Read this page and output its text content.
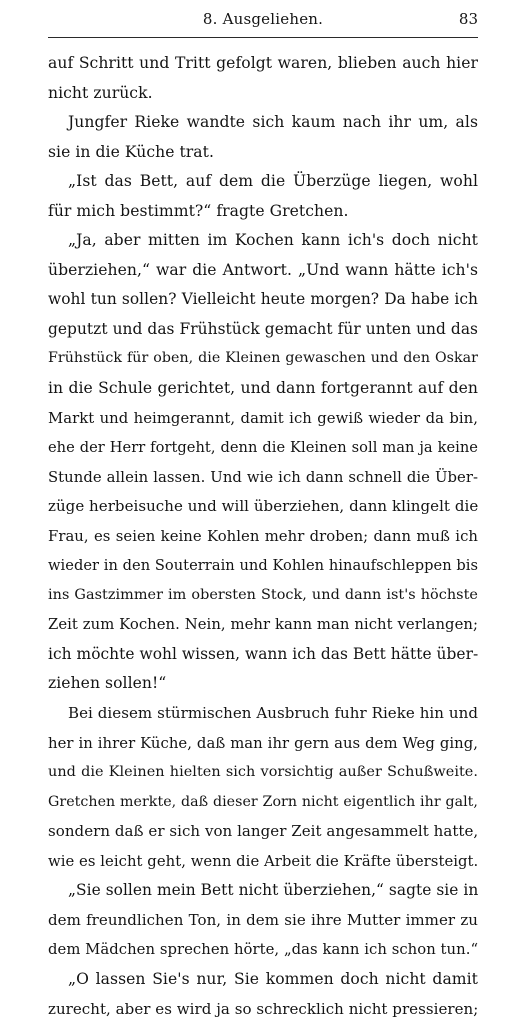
8. Ausgeliehen.	83
auf Schritt und Tritt gefolgt waren, blieben auch hier
nicht zurück.
Jungfer Rieke wandte sich kaum nach ihr um, als
sie in die Küche trat.
„Ist das Bett, auf dem die Überzüge liegen, wohl
für mich bestimmt?“ fragte Gretchen.
„Ja, aber mitten im Kochen kann ich's doch nicht
überziehen,“ war die Antwort. „Und wann hätte ich's
wohl tun sollen? Vielleicht heute morgen? Da habe ich
geputzt und das Frühstück gemacht für unten und das
Frühstück für oben, die Kleinen gewaschen und den Oskar
in die Schule gerichtet, und dann fortgerannt auf den
Markt und heimgerannt, damit ich gewiß wieder da bin,
ehe der Herr fortgeht, denn die Kleinen soll man ja keine
Stunde allein lassen. Und wie ich dann schnell die Über-
züge herbeisuche und will überziehen, dann klingelt die
Frau, es seien keine Kohlen mehr droben; dann muß ich
wieder in den Souterrain und Kohlen hinaufschleppen bis
ins Gastzimmer im obersten Stock, und dann ist's höchste
Zeit zum Kochen. Nein, mehr kann man nicht verlangen;
ich möchte wohl wissen, wann ich das Bett hätte über-
ziehen sollen!“
Bei diesem stürmischen Ausbruch fuhr Rieke hin und
her in ihrer Küche, daß man ihr gern aus dem Weg ging,
und die Kleinen hielten sich vorsichtig außer Schußweite.
Gretchen merkte, daß dieser Zorn nicht eigentlich ihr galt,
sondern daß er sich von langer Zeit angesammelt hatte,
wie es leicht geht, wenn die Arbeit die Kräfte übersteigt.
„Sie sollen mein Bett nicht überziehen,“ sagte sie in
dem freundlichen Ton, in dem sie ihre Mutter immer zu
dem Mädchen sprechen hörte, „das kann ich schon tun.“
„O lassen Sie's nur, Sie kommen doch nicht damit
zurecht, aber es wird ja so schrecklich nicht pressieren;
